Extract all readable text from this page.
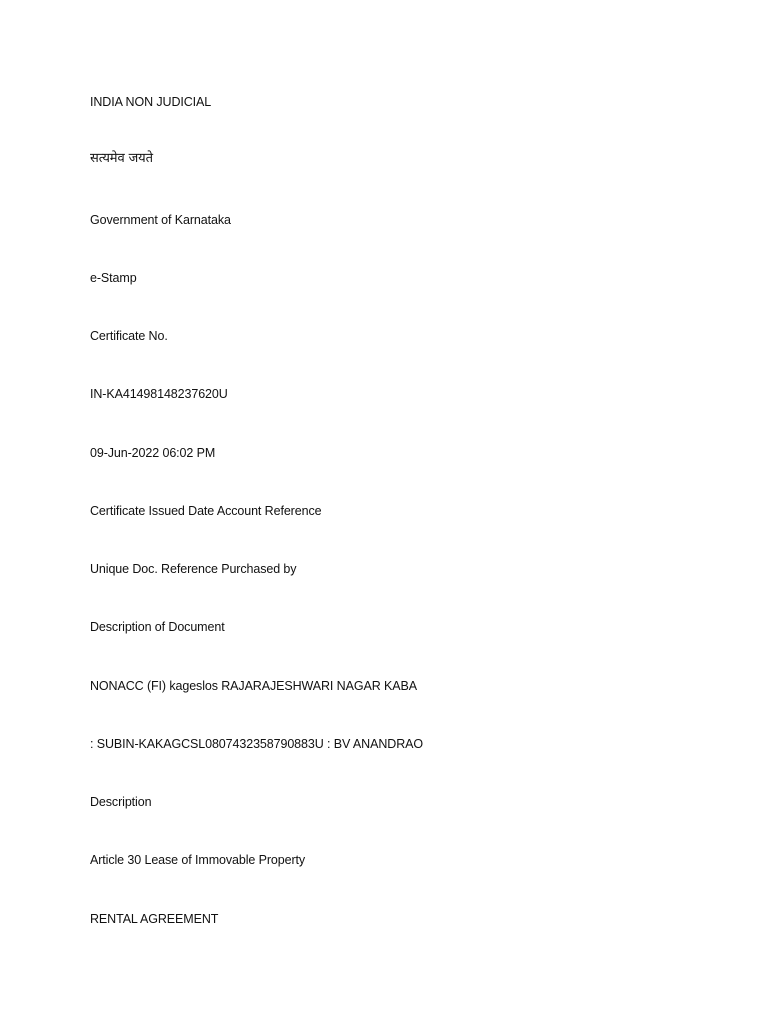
INDIA NON JUDICIAL
सत्यमेव जयते
Government of Karnataka
e-Stamp
Certificate No.
IN-KA41498148237620U
09-Jun-2022 06:02 PM
Certificate Issued Date Account Reference
Unique Doc. Reference Purchased by
Description of Document
NONACC (FI) kageslos RAJARAJESHWARI NAGAR KABA
: SUBIN-KAKAGCSL0807432358790883U : BV ANANDRAO
Description
Article 30 Lease of Immovable Property
RENTAL AGREEMENT
